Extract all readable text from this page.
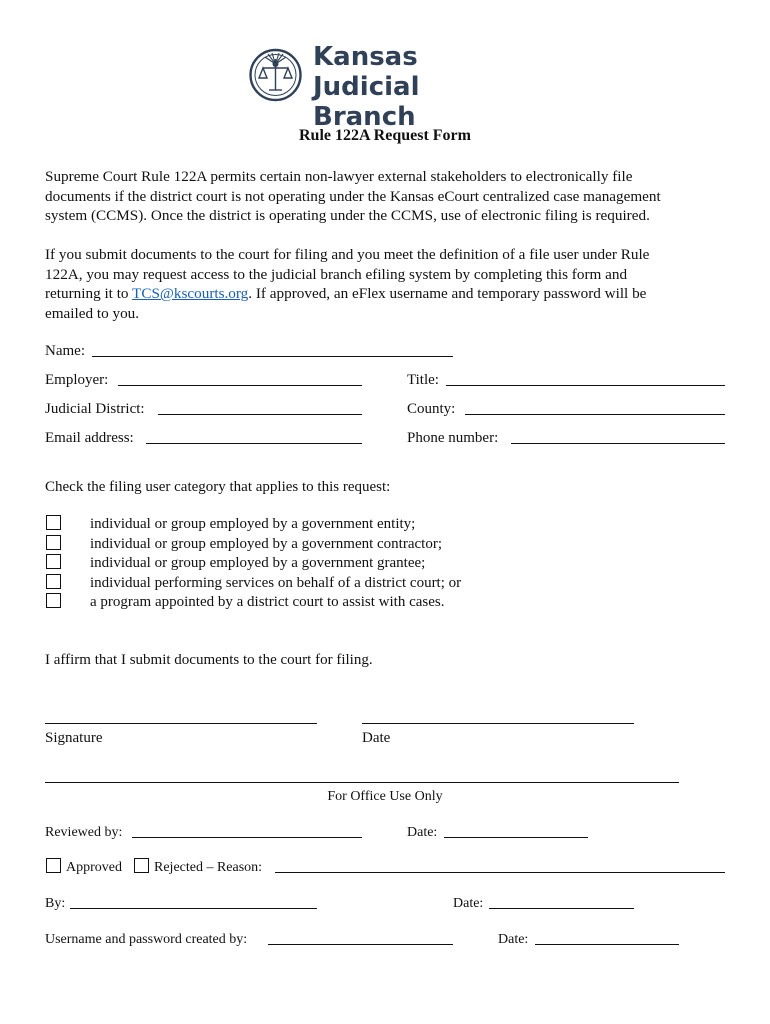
Kansas
Judicial Branch
Rule 122A Request Form
Supreme Court Rule 122A permits certain non-lawyer external stakeholders to electronically file
documents if the district court is not operating under the Kansas eCourt centralized case management
system (CCMS). Once the district is operating under the CCMS, use of electronic filing is required.
If you submit documents to the court for filing and you meet the definition of a file user under Rule
122A, you may request access to the judicial branch efiling system by completing this form and
returning it to TCS@kscourts.org. If approved, an eFlex username and temporary password will be
emailed to you.
Name:
Employer:	Title:
Judicial District:	County:
Email address:	Phone number:
Check the filing user category that applies to this request:
individual or group employed by a government entity;
individual or group employed by a government contractor;
individual or group employed by a government grantee;
individual performing services on behalf of a district court; or
a program appointed by a district court to assist with cases.
I affirm that I submit documents to the court for filing.
Signature	Date
For Office Use Only
Reviewed by:	Date:
Approved Rejected – Reason:
By:	Date:
Username and password created by:	Date:
